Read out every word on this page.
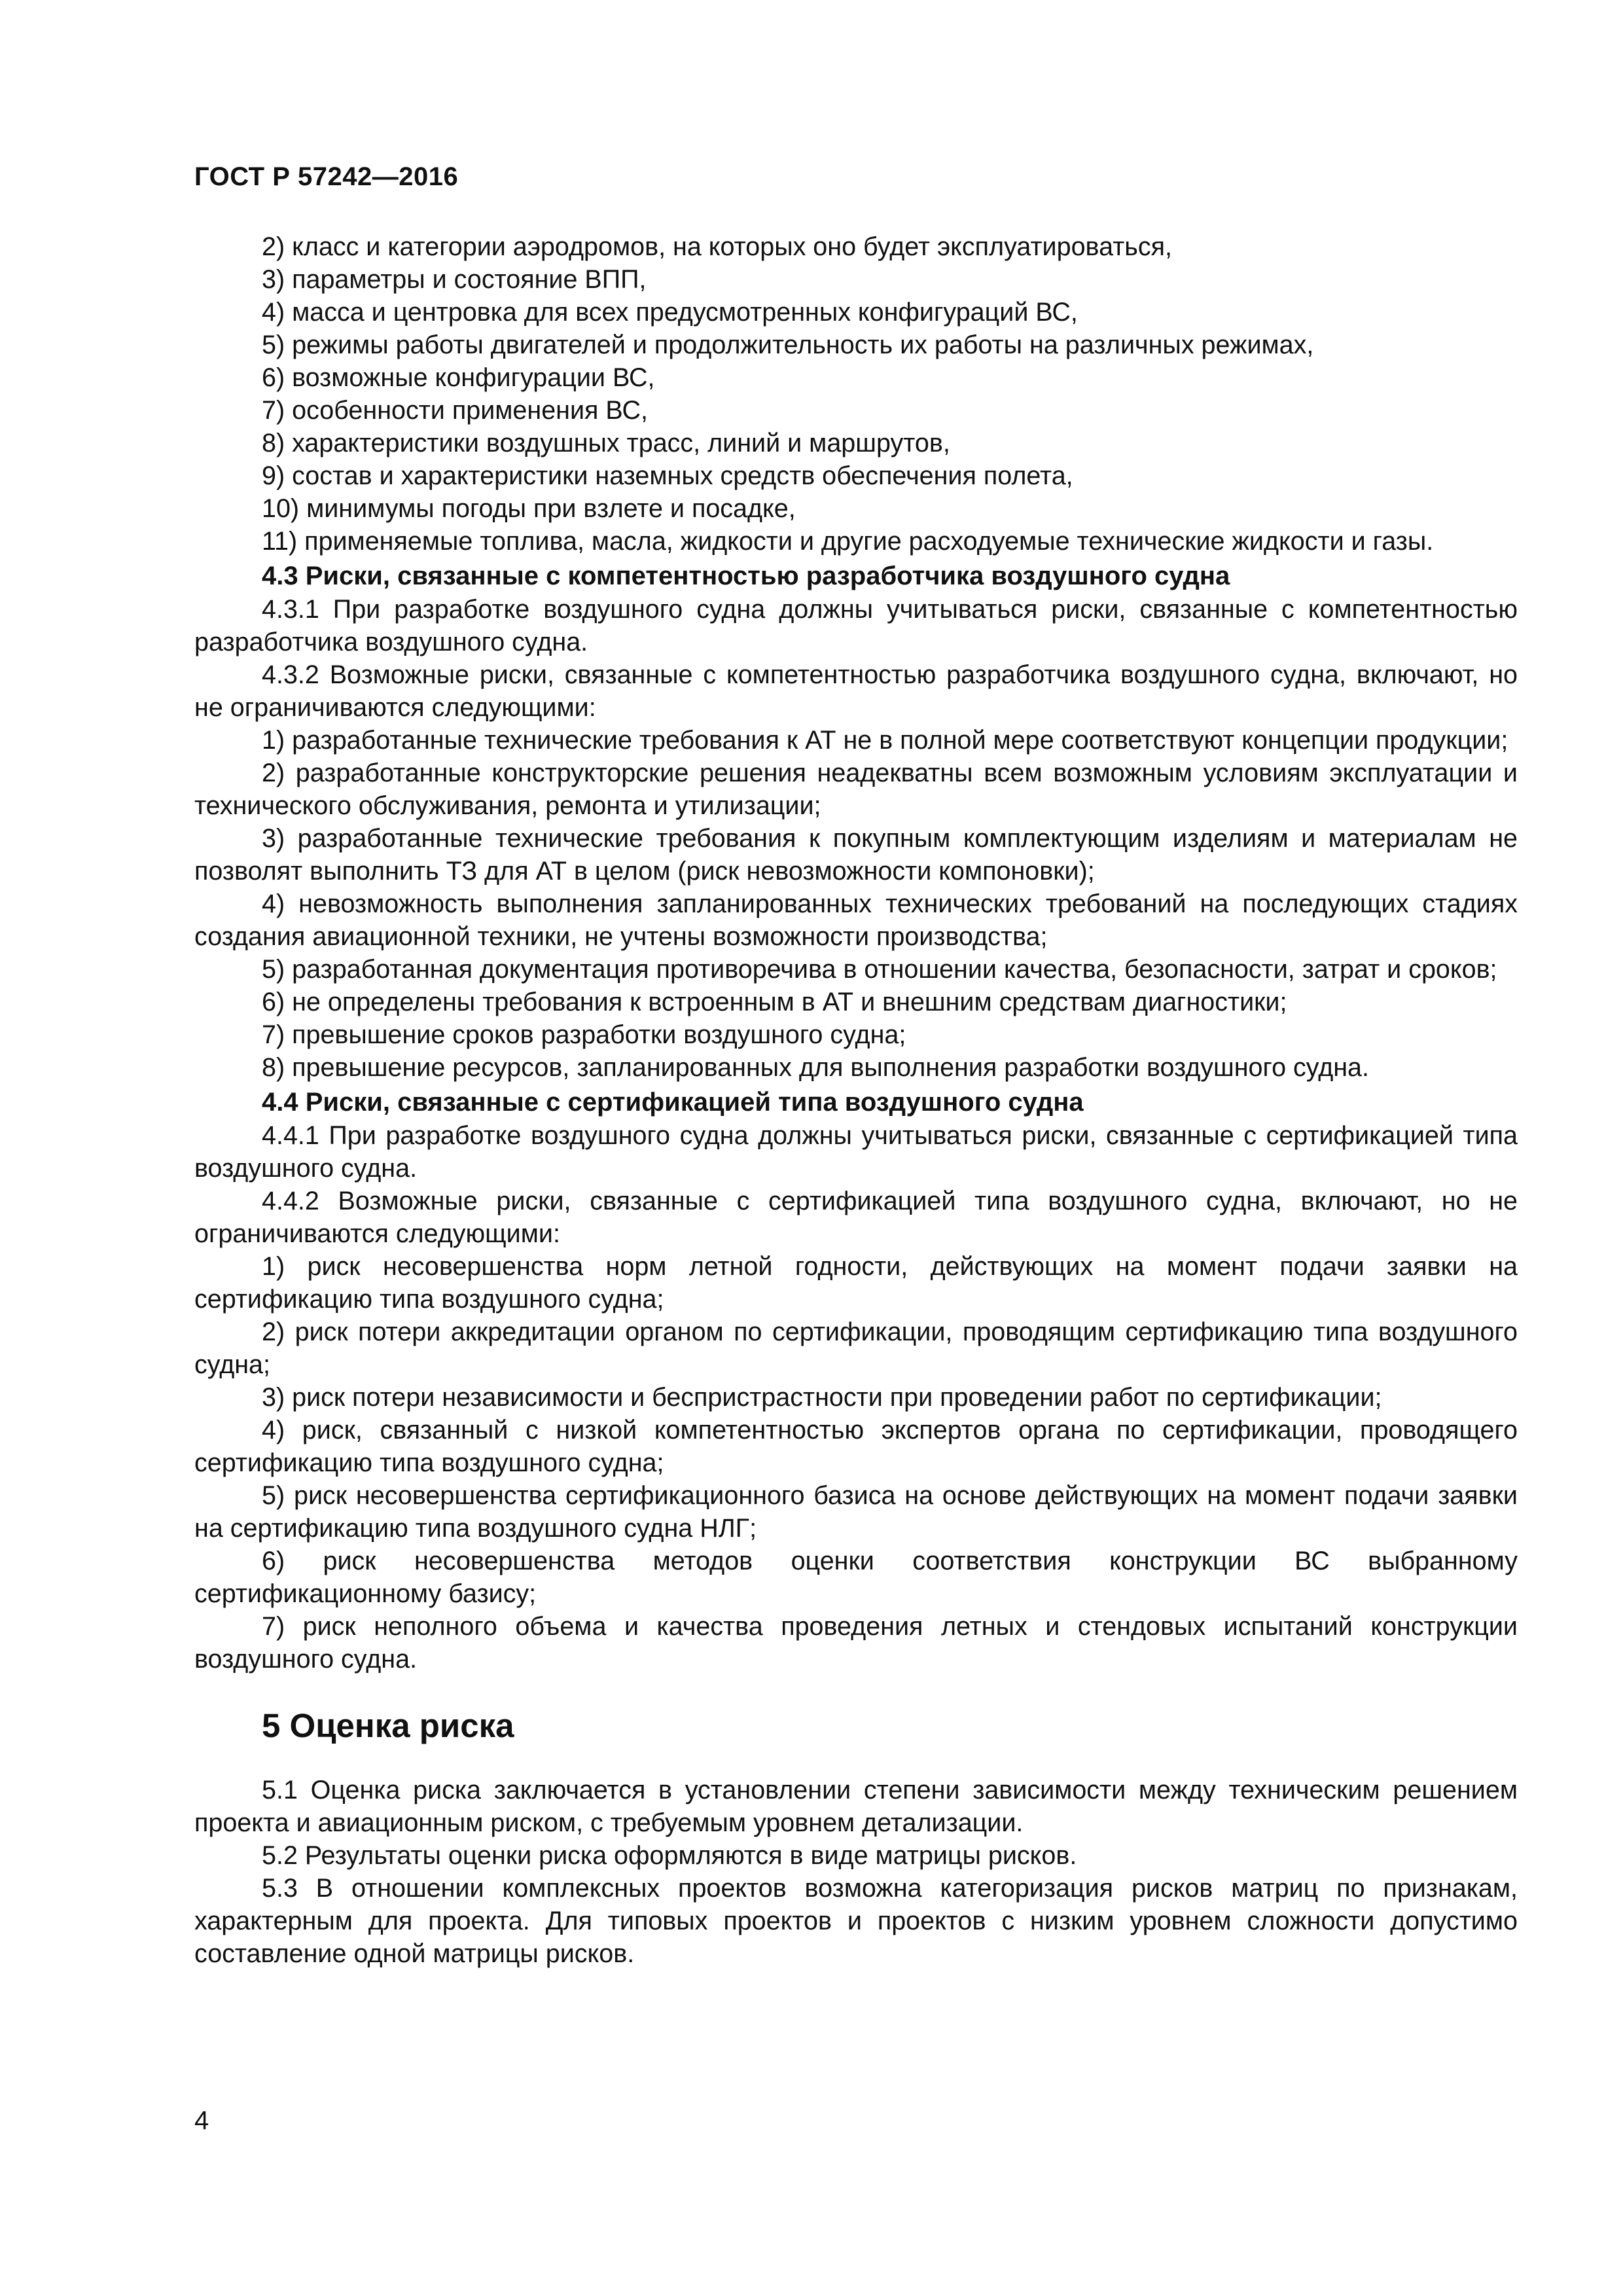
ГОСТ Р 57242—2016

2) класс и категории аэродромов, на которых оно будет эксплуатироваться,

3) параметры и состояние ВПП,

4) масса и центровка для всех предусмотренных конфигураций ВС,

5) режимы работы двигателей и продолжительность их работы на различных режимах,

6) возможные конфигурации ВС,

7) особенности применения ВС,

8) характеристики воздушных трасс, линий и маршрутов,

9) состав и характеристики наземных средств обеспечения полета,

10) минимумы погоды при взлете и посадке,

11) применяемые топлива, масла, жидкости и другие расходуемые технические жидкости и газы.

4.3 Риски, связанные с компетентностью разработчика воздушного судна

4.3.1 При разработке воздушного судна должны учитываться риски, связанные с компетентностью разработчика воздушного судна.

4.3.2 Возможные риски, связанные с компетентностью разработчика воздушного судна, включают, но не ограничиваются следующими:

1) разработанные технические требования к АТ не в полной мере соответствуют концепции продукции;

2) разработанные конструкторские решения неадекватны всем возможным условиям эксплуатации и технического обслуживания, ремонта и утилизации;

3) разработанные технические требования к покупным комплектующим изделиям и материалам не позволят выполнить ТЗ для АТ в целом (риск невозможности компоновки);

4) невозможность выполнения запланированных технических требований на последующих стадиях создания авиационной техники, не учтены возможности производства;

5) разработанная документация противоречива в отношении качества, безопасности, затрат и сроков;

6) не определены требования к встроенным в АТ и внешним средствам диагностики;

7) превышение сроков разработки воздушного судна;

8) превышение ресурсов, запланированных для выполнения разработки воздушного судна.

4.4 Риски, связанные с сертификацией типа воздушного судна

4.4.1 При разработке воздушного судна должны учитываться риски, связанные с сертификацией типа воздушного судна.

4.4.2 Возможные риски, связанные с сертификацией типа воздушного судна, включают, но не ограничиваются следующими:

1) риск несовершенства норм летной годности, действующих на момент подачи заявки на сертификацию типа воздушного судна;

2) риск потери аккредитации органом по сертификации, проводящим сертификацию типа воздушного судна;

3) риск потери независимости и беспристрастности при проведении работ по сертификации;

4) риск, связанный с низкой компетентностью экспертов органа по сертификации, проводящего сертификацию типа воздушного судна;

5) риск несовершенства сертификационного базиса на основе действующих на момент подачи заявки на сертификацию типа воздушного судна НЛГ;

6) риск несовершенства методов оценки соответствия конструкции ВС выбранному сертификационному базису;

7) риск неполного объема и качества проведения летных и стендовых испытаний конструкции воздушного судна.

5 Оценка риска

5.1 Оценка риска заключается в установлении степени зависимости между техническим решением проекта и авиационным риском, с требуемым уровнем детализации.

5.2 Результаты оценки риска оформляются в виде матрицы рисков.

5.3 В отношении комплексных проектов возможна категоризация рисков матриц по признакам, характерным для проекта. Для типовых проектов и проектов с низким уровнем сложности допустимо составление одной матрицы рисков.

4
